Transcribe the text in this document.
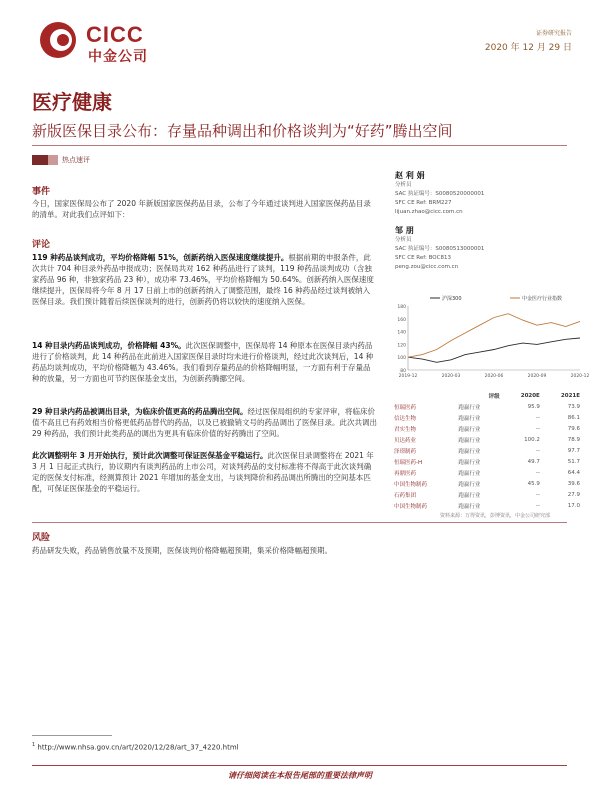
CICC
中金公司
证券研究报告
2020 年 12 月 29 日
医疗健康
新版医保目录公布：存量品种调出和价格谈判为“好药”腾出空间
热点速评
事件
今日，国家医保局公布了 2020 年新版国家医保药品目录，公布了今年通过谈判进入国家医保药品目录的清单。对此我们点评如下：
评论
119 种药品谈判成功，平均价格降幅 51%，创新药纳入医保速度继续提升。根据前期的申报条件，此次共计 704 种目录外药品申报成功；医保局共对 162 种药品进行了谈判，119 种药品谈判成功（含独家药品 96 种，非独家药品 23 种），成功率 73.46%，平均价格降幅为 50.64%。创新药纳入医保速度继续提升，医保局将今年 8 月 17 日前上市的创新药纳入了调整范围，最终 16 种药品经过谈判被纳入医保目录。我们预计随着后续医保谈判的进行，创新药仍将以较快的速度纳入医保。
14 种目录内药品谈判成功，价格降幅 43%。此次医保调整中，医保局将 14 种原本在医保目录内药品进行了价格谈判，此 14 种药品在此前进入国家医保目录时均未进行价格谈判，经过此次谈判后，14 种药品均谈判成功，平均价格降幅为 43.46%。我们看到存量药品的价格降幅明显，一方面有利于存量品种的放量，另一方面也可节约医保基金支出，为创新药腾挪空间。
29 种目录内药品被调出目录，为临床价值更高的药品腾出空间。经过医保局组织的专家评审，将临床价值不高且已有药效相当价格更低药品替代的药品，以及已被撤销文号的药品调出了医保目录。此次共调出 29 种药品，我们预计此类药品的调出为更具有临床价值的好药腾出了空间。
此次调整明年 3 月开始执行，预计此次调整可保证医保基金平稳运行。此次医保目录调整将在 2021 年 3 月 1 日起正式执行，协议期内有谈判药品的上市公司，对谈判药品的支付标准将不得高于此次谈判确定的医保支付标准，经测算预计 2021 年增加的基金支出，与谈判降价和药品调出所腾出的空间基本匹配，可保证医保基金的平稳运行。
风险
药品研发失败，药品销售放量不及预期，医保谈判价格降幅超预期，集采价格降幅超预期。
赵 利 娟
分析员
SAC 执证编号：S0080520000001
SFC CE Ref: BRM227
lijuan.zhao@cicc.com.cn
邹 朋
分析员
SAC 执证编号：S0080513000001
SFC CE Ref: BOC813
peng.zou@cicc.com.cn
80
100
120
140
160
180
2019-12	2020-03	2020-06	2020-09	2020-12
沪深300	中金医疗行业指数
	评级	2020E	2021E
恒瑞医药	跑赢行业	95.9	73.9
信达生物	跑赢行业	--	86.1
君实生物	跑赢行业	--	79.6
贝达药业	跑赢行业	100.2	78.9
泽璟制药	跑赢行业	--	97.7
恒瑞医药-H	跑赢行业	49.7	51.7
再鼎医药	跑赢行业	--	64.4
中国生物制药	跑赢行业	45.9	39.6
石药集团	跑赢行业	--	27.9
中国生物制药	跑赢行业	--	17.0
资料来源：万得资讯，彭博资讯，中金公司研究部
$^1$ http://www.nhsa.gov.cn/art/2020/12/28/art_37_4220.html
请仔细阅读在本报告尾部的重要法律声明
